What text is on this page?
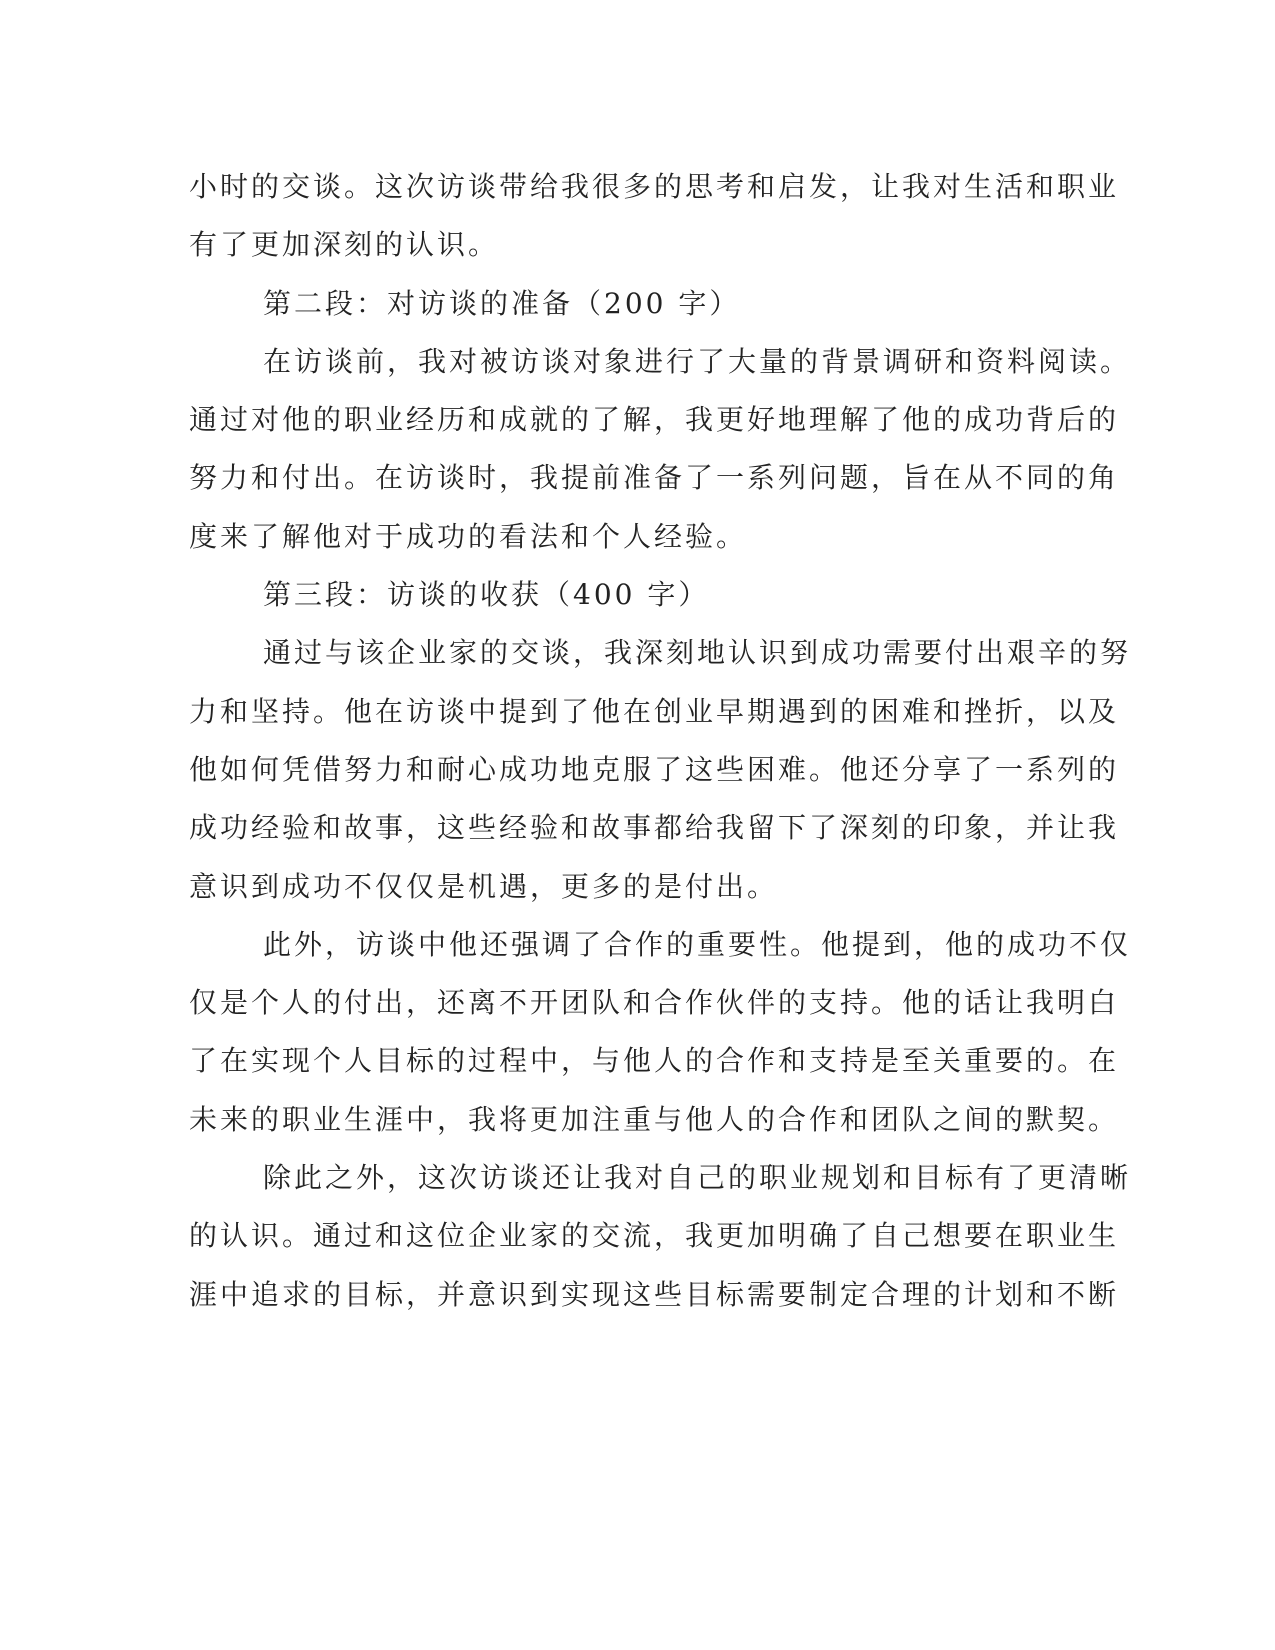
小时的交谈。这次访谈带给我很多的思考和启发，让我对生活和职业
有了更加深刻的认识。
第二段：对访谈的准备（200 字）
在访谈前，我对被访谈对象进行了大量的背景调研和资料阅读。
通过对他的职业经历和成就的了解，我更好地理解了他的成功背后的
努力和付出。在访谈时，我提前准备了一系列问题，旨在从不同的角
度来了解他对于成功的看法和个人经验。
第三段：访谈的收获（400 字）
通过与该企业家的交谈，我深刻地认识到成功需要付出艰辛的努
力和坚持。他在访谈中提到了他在创业早期遇到的困难和挫折，以及
他如何凭借努力和耐心成功地克服了这些困难。他还分享了一系列的
成功经验和故事，这些经验和故事都给我留下了深刻的印象，并让我
意识到成功不仅仅是机遇，更多的是付出。
此外，访谈中他还强调了合作的重要性。他提到，他的成功不仅
仅是个人的付出，还离不开团队和合作伙伴的支持。他的话让我明白
了在实现个人目标的过程中，与他人的合作和支持是至关重要的。在
未来的职业生涯中，我将更加注重与他人的合作和团队之间的默契。
除此之外，这次访谈还让我对自己的职业规划和目标有了更清晰
的认识。通过和这位企业家的交流，我更加明确了自己想要在职业生
涯中追求的目标，并意识到实现这些目标需要制定合理的计划和不断
